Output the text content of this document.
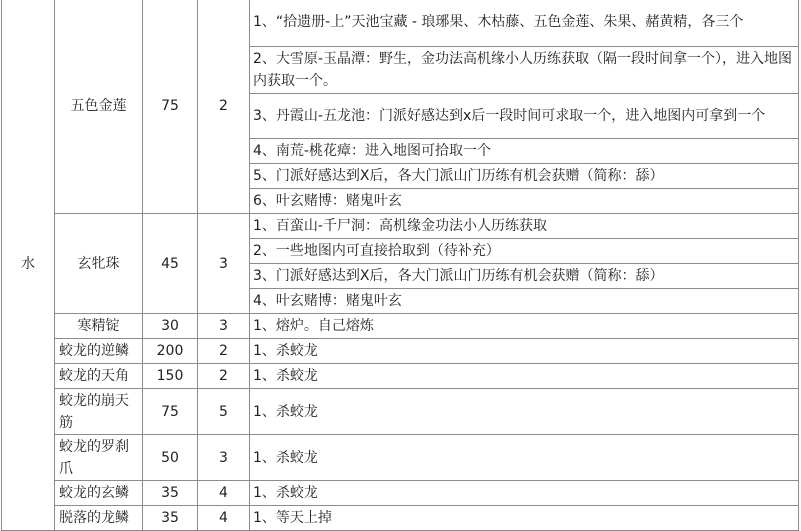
水	五色金莲	75	2	1、“拾遗册-上”天池宝藏 - 琅琊果、木枯藤、五色金莲、朱果、赭黄精，各三个
				2、大雪原-玉晶潭：野生，金功法高机缘小人历练获取（隔一段时间拿一个），进入地图内获取一个。
				3、丹霞山-五龙池：门派好感达到x后一段时间可求取一个，进入地图内可拿到一个
				4、南荒-桃花瘴：进入地图可拾取一个
				5、门派好感达到X后，各大门派山门历练有机会获赠（简称：舔）
				6、叶玄赌博：赌鬼叶玄
	玄牝珠	45	3	1、百蛮山-千尸洞：高机缘金功法小人历练获取
				2、一些地图内可直接拾取到（待补充）
				3、门派好感达到X后，各大门派山门历练有机会获赠（简称：舔）
				4、叶玄赌博：赌鬼叶玄
	寒精锭	30	3	1、熔炉。自己熔炼
	蛟龙的逆鳞	200	2	1、杀蛟龙
	蛟龙的天角	150	2	1、杀蛟龙
	蛟龙的崩天筋	75	5	1、杀蛟龙
	蛟龙的罗刹爪	50	3	1、杀蛟龙
	蛟龙的玄鳞	35	4	1、杀蛟龙
	脱落的龙鳞	35	4	1、等天上掉
